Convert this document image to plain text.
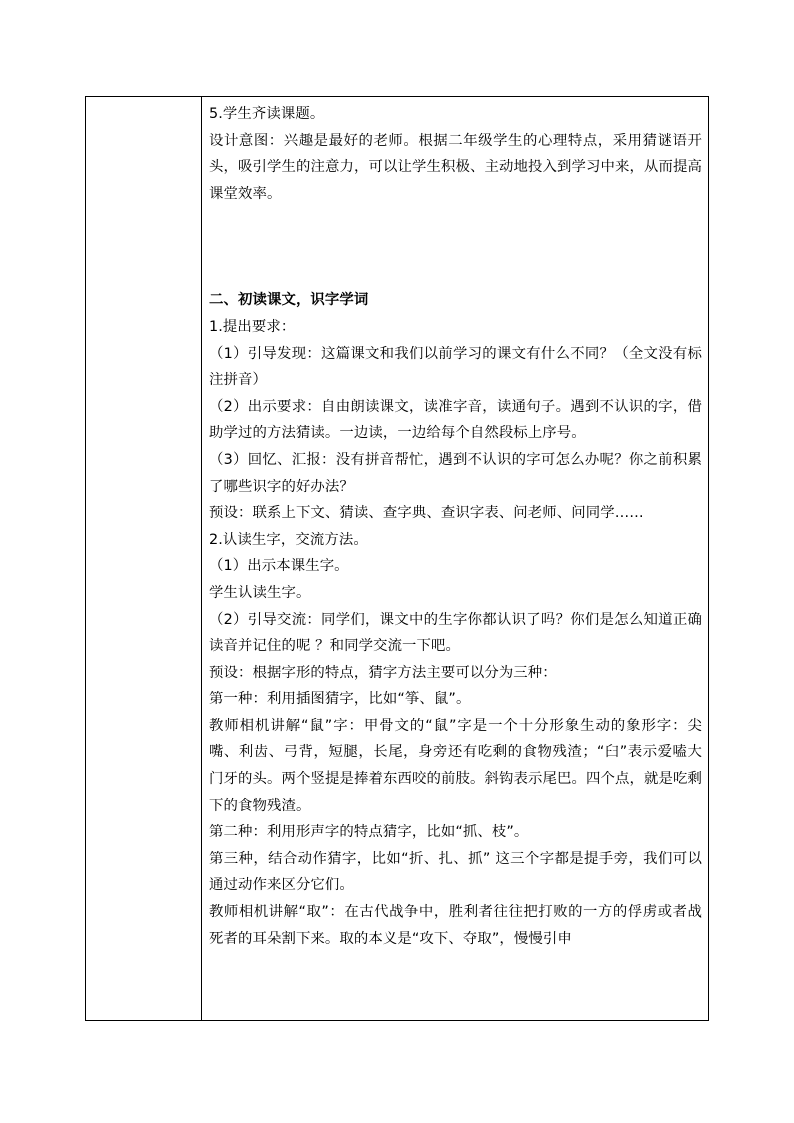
5.学生齐读课题。

设计意图：兴趣是最好的老师。根据二年级学生的心理特点，采用猜谜语开头，吸引学生的注意力，可以让学生积极、主动地投入到学习中来，从而提高课堂效率。

二、初读课文，识字学词

1.提出要求：

（1）引导发现：这篇课文和我们以前学习的课文有什么不同？（全文没有标注拼音）

（2）出示要求：自由朗读课文，读准字音，读通句子。遇到不认识的字，借助学过的方法猜读。一边读，一边给每个自然段标上序号。

（3）回忆、汇报：没有拼音帮忙，遇到不认识的字可怎么办呢？你之前积累了哪些识字的好办法？

预设：联系上下文、猜读、查字典、查识字表、问老师、问同学……

2.认读生字，交流方法。

（1）出示本课生字。

学生认读生字。

（2）引导交流：同学们，课文中的生字你都认识了吗？你们是怎么知道正确读音并记住的呢 ？和同学交流一下吧。

预设：根据字形的特点，猜字方法主要可以分为三种：

第一种：利用插图猜字，比如“筝、鼠”。

教师相机讲解“鼠”字：甲骨文的“鼠”字是一个十分形象生动的象形字：尖嘴、利齿、弓背，短腿，长尾，身旁还有吃剩的食物残渣；“臼”表示爱嗑大门牙的头。两个竖提是捧着东西咬的前肢。斜钩表示尾巴。四个点，就是吃剩下的食物残渣。

第二种：利用形声字的特点猜字，比如“抓、枝”。

第三种，结合动作猜字，比如“折、扎、抓” 这三个字都是提手旁，我们可以通过动作来区分它们。

教师相机讲解“取”：在古代战争中，胜利者往往把打败的一方的俘虏或者战死者的耳朵割下来。取的本义是“攻下、夺取”，慢慢引申
